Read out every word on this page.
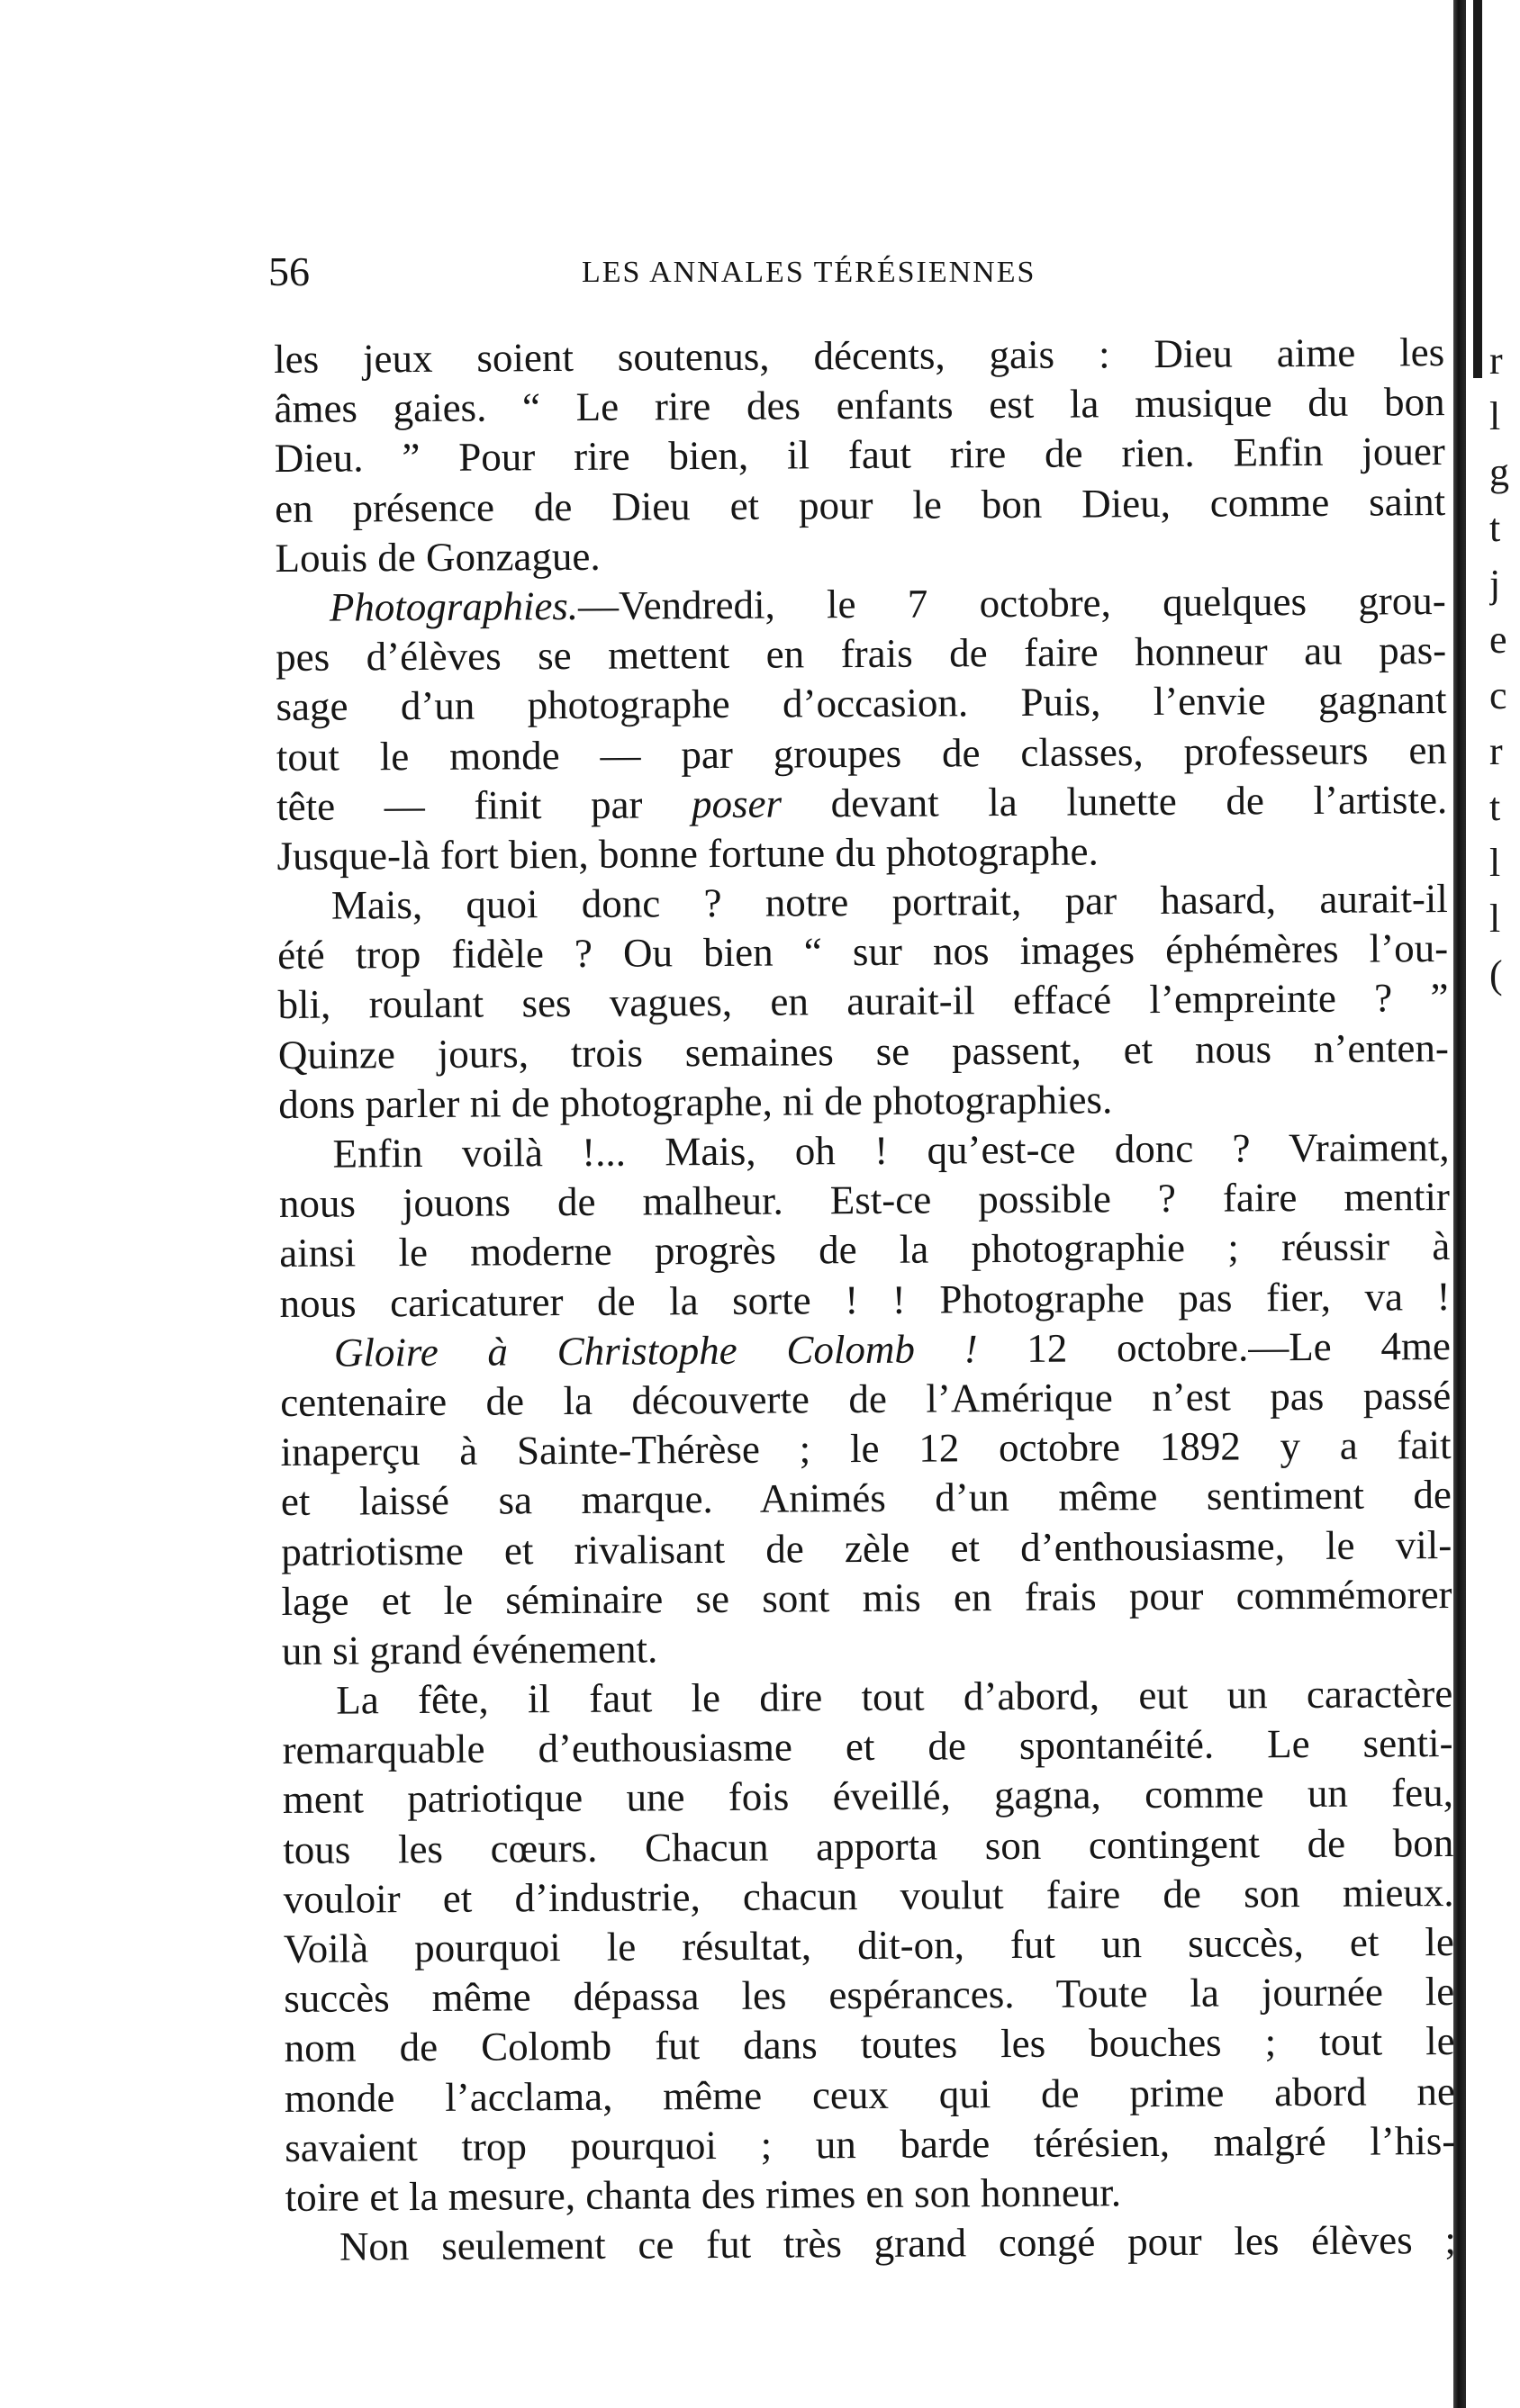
r
l
g
t
j
e
c
r
t
l
l
(
56	LES ANNALES TÉRÉSIENNES
les jeux soient soutenus, décents, gais : Dieu aime les
âmes gaies. “ Le rire des enfants est la musique du bon
Dieu. ” Pour rire bien, il faut rire de rien. Enfin jouer
en présence de Dieu et pour le bon Dieu, comme saint
Louis de Gonzague.
Photographies.—Vendredi, le 7 octobre, quelques grou-
pes d’élèves se mettent en frais de faire honneur au pas-
sage d’un photographe d’occasion. Puis, l’envie gagnant
tout le monde — par groupes de classes, professeurs en
tête — finit par poser devant la lunette de l’artiste.
Jusque-là fort bien, bonne fortune du photographe.
Mais, quoi donc ? notre portrait, par hasard, aurait-il
été trop fidèle ? Ou bien “ sur nos images éphémères l’ou-
bli, roulant ses vagues, en aurait-il effacé l’empreinte ? ”
Quinze jours, trois semaines se passent, et nous n’enten-
dons parler ni de photographe, ni de photographies.
Enfin voilà !... Mais, oh ! qu’est-ce donc ? Vraiment,
nous jouons de malheur. Est-ce possible ? faire mentir
ainsi le moderne progrès de la photographie ; réussir à
nous caricaturer de la sorte ! ! Photographe pas fier, va !
Gloire à Christophe Colomb ! 12 octobre.—Le 4me
centenaire de la découverte de l’Amérique n’est pas passé
inaperçu à Sainte-Thérèse ; le 12 octobre 1892 y a fait
et laissé sa marque. Animés d’un même sentiment de
patriotisme et rivalisant de zèle et d’enthousiasme, le vil-
lage et le séminaire se sont mis en frais pour commémorer
un si grand événement.
La fête, il faut le dire tout d’abord, eut un caractère
remarquable d’euthousiasme et de spontanéité. Le senti-
ment patriotique une fois éveillé, gagna, comme un feu,
tous les cœurs. Chacun apporta son contingent de bon
vouloir et d’industrie, chacun voulut faire de son mieux.
Voilà pourquoi le résultat, dit-on, fut un succès, et le
succès même dépassa les espérances. Toute la journée le
nom de Colomb fut dans toutes les bouches ; tout le
monde l’acclama, même ceux qui de prime abord ne
savaient trop pourquoi ; un barde térésien, malgré l’his-
toire et la mesure, chanta des rimes en son honneur.
Non seulement ce fut très grand congé pour les élèves ;
